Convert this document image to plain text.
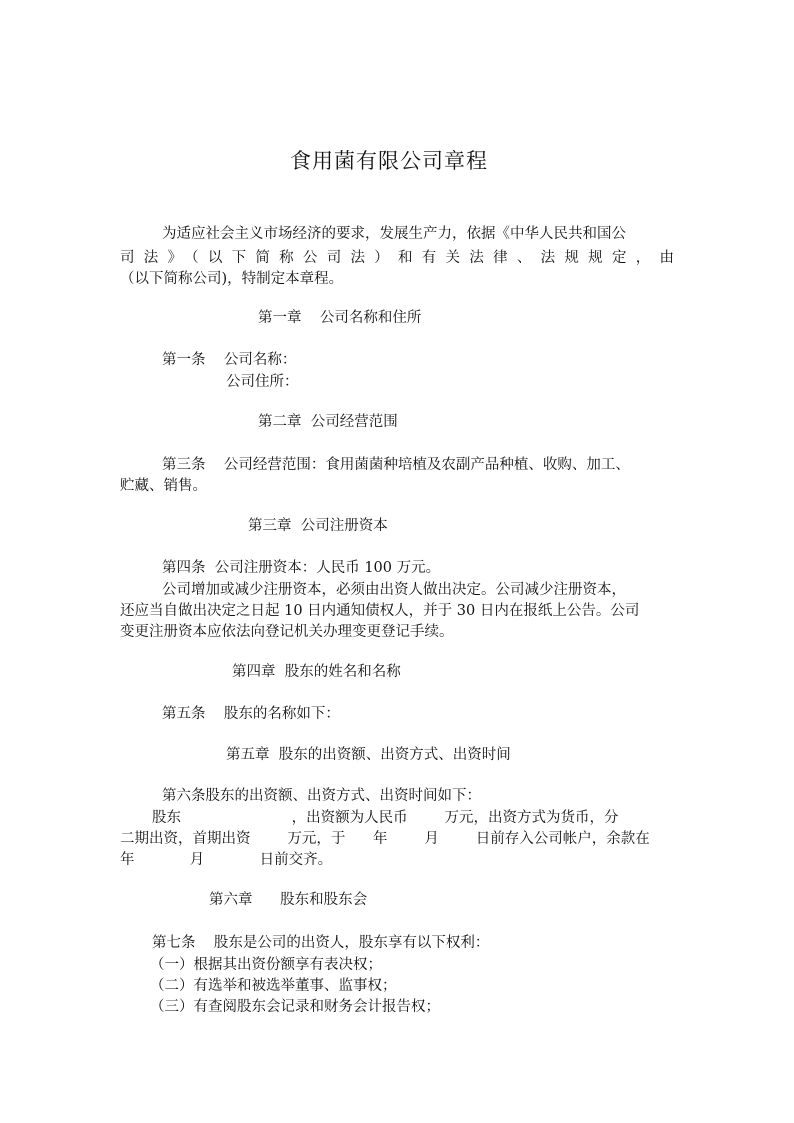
食用菌有限公司章程
为适应社会主义市场经济的要求，发展生产力，依据《中华人民共和国公
司法》（以下简称公司法）和有关法律、法规规定，由
（以下简称公司)，特制定本章程。
第一章    公司名称和住所
第一条    公司名称：
公司住所：
第二章  公司经营范围
第三条    公司经营范围：食用菌菌种培植及农副产品种植、收购、加工、
贮藏、销售。
第三章  公司注册资本
第四条  公司注册资本：人民币 100 万元。
公司增加或减少注册资本，必须由出资人做出决定。公司减少注册资本，
还应当自做出决定之日起 10 日内通知债权人，并于 30 日内在报纸上公告。公司
变更注册资本应依法向登记机关办理变更登记手续。
第四章  股东的姓名和名称
第五条    股东的名称如下：
第五章  股东的出资额、出资方式、出资时间
第六条股东的出资额、出资方式、出资时间如下：
股东                        ，出资额为人民币        万元，出资方式为货币，分
二期出资，首期出资        万元，于      年        月        日前存入公司帐户，余款在
年            月            日前交齐。
第六章      股东和股东会
第七条    股东是公司的出资人，股东享有以下权利：
（一）根据其出资份额享有表决权；
（二）有选举和被选举董事、监事权；
（三）有查阅股东会记录和财务会计报告权；
